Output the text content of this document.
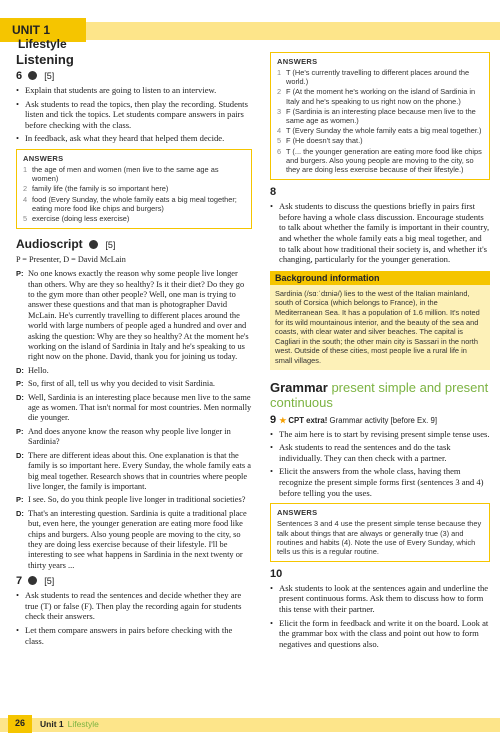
UNIT 1 Lifestyle
Listening
6 [5]
• Explain that students are going to listen to an interview.
• Ask students to read the topics, then play the recording. Students listen and tick the topics. Let students compare answers in pairs before checking with the class.
• In feedback, ask what they heard that helped them decide.
ANSWERS
1 the age of men and women (men live to the same age as women)
2 family life (the family is so important here)
4 food (Every Sunday, the whole family eats a big meal together; eating more food like chips and burgers)
5 exercise (doing less exercise)
Audioscript	[5]
P = Presenter, D = David McLain

P: No one knows exactly the reason why some people live longer than others. Why are they so healthy? Is it their diet? Do they go to the gym more than other people? Well, one man is trying to answer these questions and that man is photographer David McLain. He's currently travelling to different places around the world with large numbers of people aged a hundred and over and asking the question: Why are they so healthy? At the moment he's working on the island of Sardinia in Italy and he's speaking to us right now on the phone. David, thank you for joining us today.

D: Hello.

P: So, first of all, tell us why you decided to visit Sardinia.

D: Well, Sardinia is an interesting place because men live to the same age as women. That isn't normal for most countries. Men normally die younger.

P: And does anyone know the reason why people live longer in Sardinia?

D: There are different ideas about this. One explanation is that the family is so important here. Every Sunday, the whole family eats a big meal together. Research shows that in countries where people live longer, the family is important.

P: I see. So, do you think people live longer in traditional societies?

D: That's an interesting question. Sardinia is quite a traditional place but, even here, the younger generation are eating more food like chips and burgers. Also young people are moving to the city, so they are doing less exercise because of their lifestyle. I'll be interesting to see what happens in Sardinia in the next twenty or thirty years ...

7 [5]
• Ask students to read the sentences and decide whether they are true (T) or false (F). Then play the recording again for students check their answers.
• Let them compare answers in pairs before checking with the class.
ANSWERS
1 T (He's currently travelling to different places around the world.)
2 F (At the moment he's working on the island of Sardinia in Italy and he's speaking to us right now on the phone.)
3 F (Sardinia is an interesting place because men live to the same age as women.)
4 T (Every Sunday the whole family eats a big meal together.)
5 F (He doesn't say that.)
6 T (... the younger generation are eating more food like chips and burgers. Also young people are moving to the city, so they are doing less exercise because of their lifestyle.)
8
• Ask students to discuss the questions briefly in pairs first before having a whole class discussion. Encourage students to talk about whether the family is important in their country, and whether the whole family eats a big meal together, and to talk about how traditional their society is, and whether it's changing, particularly for the younger generation.
Background information
Sardinia (/sɑːˈdɪniə/) lies to the west of the Italian mainland, south of Corsica (which belongs to France), in the Mediterranean Sea. It has a population of 1.6 million. It's noted for its wild mountainous interior, and the beauty of the sea and coasts, with clear water and silver beaches. The capital is Cagliari in the south; the other main city is Sassari in the north west. Outside of these cities, most people live a rural life in small villages.
Grammar present simple and present continuous
9 ★ CPT extra! Grammar activity [before Ex. 9]
• The aim here is to start by revising present simple tense uses.
• Ask students to read the sentences and do the task individually. They can then check with a partner.
• Elicit the answers from the whole class, having them recognize the present simple forms first (sentences 3 and 4) before telling you the uses.
ANSWERS

Sentences 3 and 4 use the present simple tense because they talk about things that are always or generally true (3) and routines and habits (4). Note the use of Every Sunday, which tells us this is a regular routine.

10
• Ask students to look at the sentences again and underline the present continuous forms. Ask them to discuss how to form this tense with their partner.
• Elicit the form in feedback and write it on the board. Look at the grammar box with the class and point out how to form negatives and questions also.
26	Unit 1 Lifestyle
